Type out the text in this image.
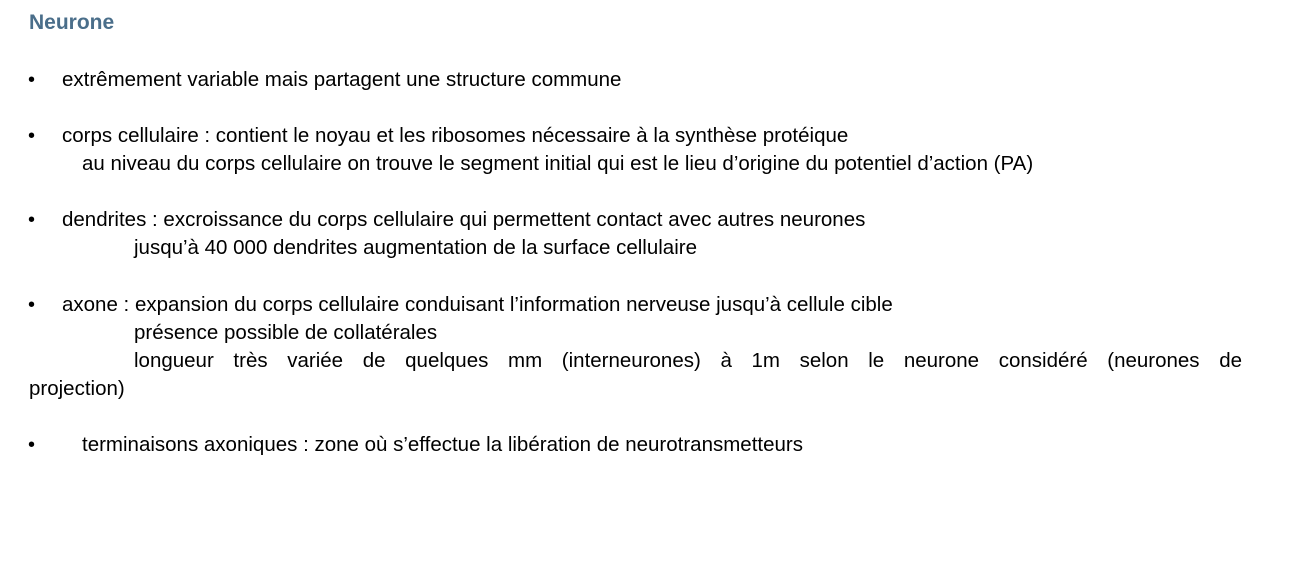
Neurone
• extrêmement variable mais partagent une structure commune
• corps cellulaire : contient le noyau et les ribosomes nécessaire à la synthèse protéique
au niveau du corps cellulaire on trouve le segment initial qui est le lieu d’origine du potentiel d’action (PA)
• dendrites : excroissance du corps cellulaire qui permettent contact avec autres neurones
jusqu’à 40 000 dendrites augmentation de la surface cellulaire
• axone : expansion du corps cellulaire conduisant l’information nerveuse jusqu’à cellule cible
présence possible de collatérales
longueur très variée de quelques mm (interneurones) à 1m selon le neurone considéré (neurones de
projection)
• terminaisons axoniques : zone où s’effectue la libération de neurotransmetteurs
